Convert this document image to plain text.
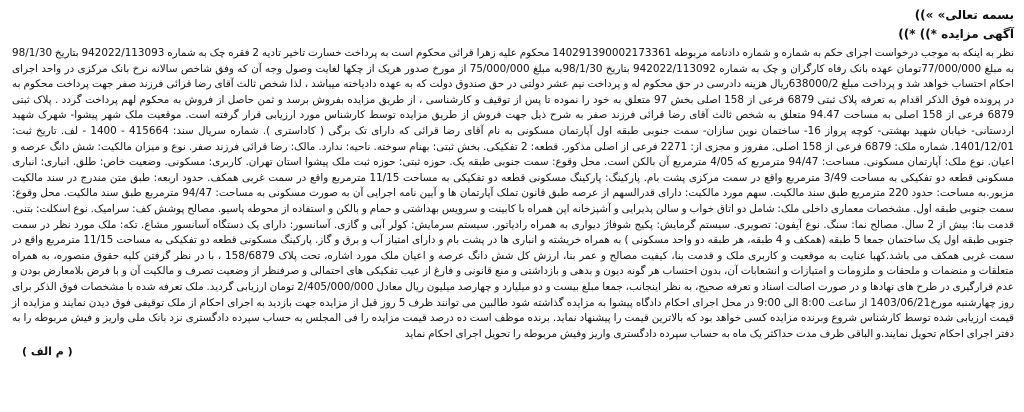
بسمه تعالی» »))

آگهی مزایده *)) *))

نظر به اینکه به موجب درخواست اجرای حکم به شماره و شماره دادنامه مربوطه 140291390002173361 محکوم علیه زهرا قرائی محکوم است به پرداخت خسارت تاخیر تادیه 2 فقره چک به شماره 942022/113093 بتاریخ 98/1/30 به مبلغ 77/000/000تومان عهده بانک رفاه کارگران و چک به شماره 942022/113092 بتاریخ 98/1/30به مبلغ 75/000/000 از مورخ صدور هریک از چکها لغایت وصول وجه آن که وفق شاخص سالانه نرخ بانک مرکزی در واحد اجرای احکام احتساب خواهد شد و پرداخت مبلغ 638000/2ریال هزینه دادرسی در حق محکوم له و پرداخت نیم عشر دولتی در حق صندوق دولت که به عهده دادیاخته میباشد ، لذا شخص ثالث آقای رضا قرائی فرزند صفر جهت پرداخت محکوم به در پرونده فوق الذکر اقدام به تعرفه پلاک ثبتی 6879 فرعی از 158 اصلی بخش 97 متعلق به خود را نموده تا پس از توقیف و کارشناسی ، از طریق مزایده بفروش برسد و ثمن حاصل از فروش به محکوم لهم پرداخت گردد . پلاک ثبتی 6879 فرعی از 158 اصلی به مساحت 94.47 متعلق به شخص ثالث آقای رضا قرائی فرزند صفر به شرح ذیل جهت فروش از طریق مزایده توسط کارشناس مورد ارزیابی قرار گرفته است. موقعیت ملک شهر پیشوا- شهرک شهید اردستانی- خیابان شهید بهشتی- کوچه پرواز 16- ساختمان نوین سازان- سمت جنوبی طبقه اول آپارتمان مسکونی به نام آقای رضا قرائی که دارای تک برگی ( کاداستری ). شماره سریال سند: 415664 - 1400 - لف. تاریخ ثبت: 1401/12/01. شماره ملک: 6879 فرعی از 158 اصلی. مفروز و مجزی از: 2271 فرعی از اصلی مذکور. قطعه: 2 تفکیکی. بخش ثبتی: بهنام سوخته. ناحیه: ندارد. مالک: رضا قرائی فرزند صفر. نوع و میزان مالکیت: شش دانگ عرصه و اعیان. نوع ملک: آپارتمان مسکونی. مساحت: 94/47 مترمربع که 4/05 مترمربع آن بالکن است. محل وقوع: سمت جنوبی طبقه یک. حوزه ثبتی: حوزه ثبت ملک پیشوا استان تهران. کاربری: مسکونی. وضعیت خاص: طلق. انباری: انباری مسکونی قطعه دو تفکیکی به مساحت 3/49 مترمربع واقع در سمت مرکزی پشت بام. پارکینگ: پارکینگ مسکونی قطعه دو تفکیکی به مساحت 11/15 مترمربع واقع در سمت غربی همکف. حدود اربعه: طبق متن مندرج در سند مالکیت مزبور.به مساحت: حدود 220 مترمربع طبق سند مالکیت. سهم مورد مالکیت: دارای قدرالسهم از عرصه طبق قانون تملک آپارتمان ها و آیین نامه اجرایی آن به صورت مسکونی به مساحت: 94/47 مترمربع طبق سند مالکیت. محل وقوع: سمت جنوبی طبقه اول. مشخصات معماری داخلی ملک: شامل دو اتاق خواب و سالن پذیرایی و آشپزخانه اپن همراه با کابینت و سرویس بهداشتی و حمام و بالکن و استفاده از محوطه پاسیو. مصالح پوشش کف: سرامیک. نوع اسکلت: بتنی. قدمت بنا: بیش از 2 سال. مصالح نما: سنگ. نوع آیفون: تصویری. سیستم گرمایش: پکیج شوفاژ دیواری به همراه رادیاتور. سیستم سرمایش: کولر آبی و گازی. آسانسور: دارای یک دستگاه آسانسور مشاع. تکه: ملک مورد نظر در سمت جنوبی طبقه اول یک ساختمان جمعا 5 طبقه (همکف و 4 طبقه، هر طبقه دو واحد مسکونی ) به همراه خریشته و انباری ها در پشت بام و دارای امتیاز آب و برق و گاز. پارکینگ مسکونی قطعه دو تفکیکی به مساحت 11/15 مترمربع واقع در سمت غربی همکف می باشد.کهبا عنایت به موقعیت و کاربری ملک و قدمت بنا، کیفیت مصالح و عمر بنا، ارزش کل شش دانگ عرصه و اعیان ملک مورد اشاره، تحت پلاک 158/6879 ، با در نظر گرفتن کلیه حقوق متصوره، به همراه متعلقات و منضمات و ملحقات و ملزومات و امتیازات و انشعابات آن، بدون احتساب هر گونه دیون و بدهی و بازداشتی و منع قانونی و فارغ از عیب تفکیکی های احتمالی و صرفنظر از وضعیت تصرف و مالکیت آن و با فرض بلامعارض بودن و عدم قرارگیری در طرح های نهادها و در صورت اصالت اسناد و تعرفه صحیح، به نظر اینجانب، جمعا مبلغ بیست و دو میلیارد و چهارصد میلیون ریال معادل 2/405/000/000 تومان ارزیابی گردید. ملک تعرفه شده با مشخصات فوق الذکر برای روز چهارشنبه مورخ1403/06/21 از ساعت 8:00 الی 9:00 در محل اجرای احکام دادگاه پیشوا به مزایده گذاشته شود طالبین می توانند ظرف 5 روز قبل از مزایده جهت بازدید به اجرای احکام از ملک توقیفی فوق دیدن نمایند و مزایده از قیمت ارزیابی شده توسط کارشناس شروع وبرنده مزایده کسی خواهد بود که بالاترین قیمت را پیشنهاد نماید. برنده موظف است ده درصد قیمت مزایده را فی المجلس به حساب سپرده دادگستری نزد بانک ملی واریز و فیش مربوطه را به دفتر اجرای احکام تحویل نمایند.و الباقی ظرف مدت حداکثر یک ماه به حساب سپرده دادگستری واریز وفیش مربوطه را تحویل اجرای احکام نماید

( م الف )
